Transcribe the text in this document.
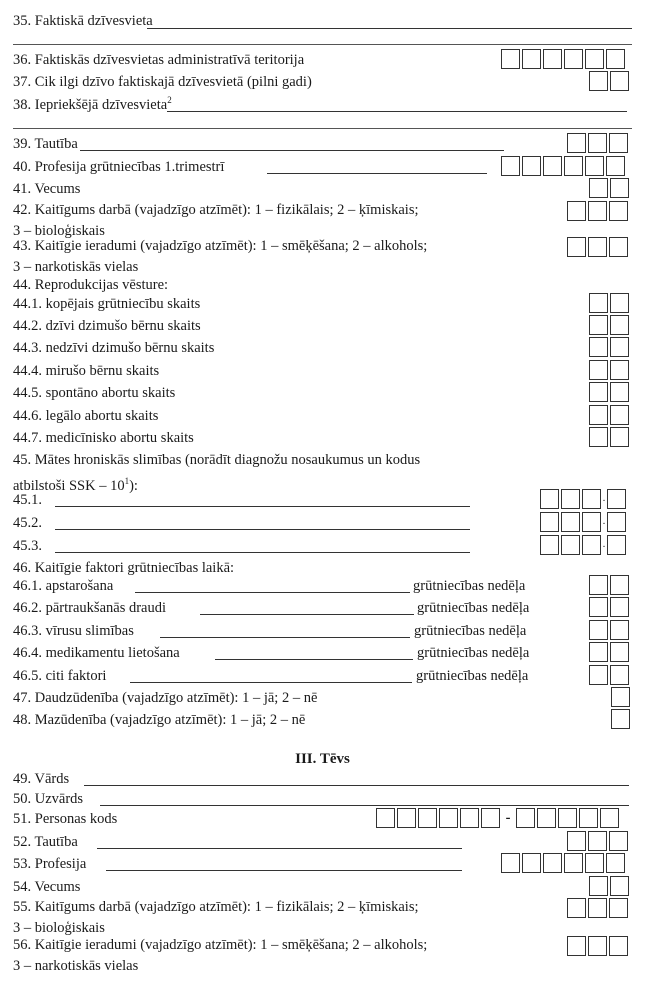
35. Faktiskā dzīvesvieta
36. Faktiskās dzīvesvietas administratīvā teritorija
37. Cik ilgi dzīvo faktiskajā dzīvesvietā (pilni gadi)
38. Iepriekšējā dzīvesvieta$^2$
39. Tautība
40. Profesija grūtniecības 1.trimestrī
41. Vecums
42. Kaitīgums darbā (vajadzīgo atzīmēt): 1 – fizikālais; 2 – ķīmiskais;
3 – bioloģiskais
43. Kaitīgie ieradumi (vajadzīgo atzīmēt): 1 – smēķēšana; 2 – alkohols;
3 – narkotiskās vielas
44. Reprodukcijas vēsture:
44.1. kopējais grūtniecību skaits
44.2. dzīvi dzimušo bērnu skaits
44.3. nedzīvi dzimušo bērnu skaits
44.4. mirušo bērnu skaits
44.5. spontāno abortu skaits
44.6. legālo abortu skaits
44.7. medicīnisko abortu skaits
45. Mātes hroniskās slimības (norādīt diagnožu nosaukumus un kodus
atbilstoši SSK – $10^1$):
45.1.	.
45.2.	.
45.3.	.
46. Kaitīgie faktori grūtniecības laikā:
46.1. apstarošana	grūtniecības nedēļa
46.2. pārtraukšanās draudi	grūtniecības nedēļa
46.3. vīrusu slimības	grūtniecības nedēļa
46.4. medikamentu lietošana	grūtniecības nedēļa
46.5. citi faktori	grūtniecības nedēļa
47. Daudzūdenība (vajadzīgo atzīmēt): 1 – jā; 2 – nē
48. Mazūdenība (vajadzīgo atzīmēt): 1 – jā; 2 – nē
III. Tēvs
49. Vārds
50. Uzvārds
51. Personas kods	-
52. Tautība
53. Profesija
54. Vecums
55. Kaitīgums darbā (vajadzīgo atzīmēt): 1 – fizikālais; 2 – ķīmiskais;
3 – bioloģiskais
56. Kaitīgie ieradumi (vajadzīgo atzīmēt): 1 – smēķēšana; 2 – alkohols;
3 – narkotiskās vielas
